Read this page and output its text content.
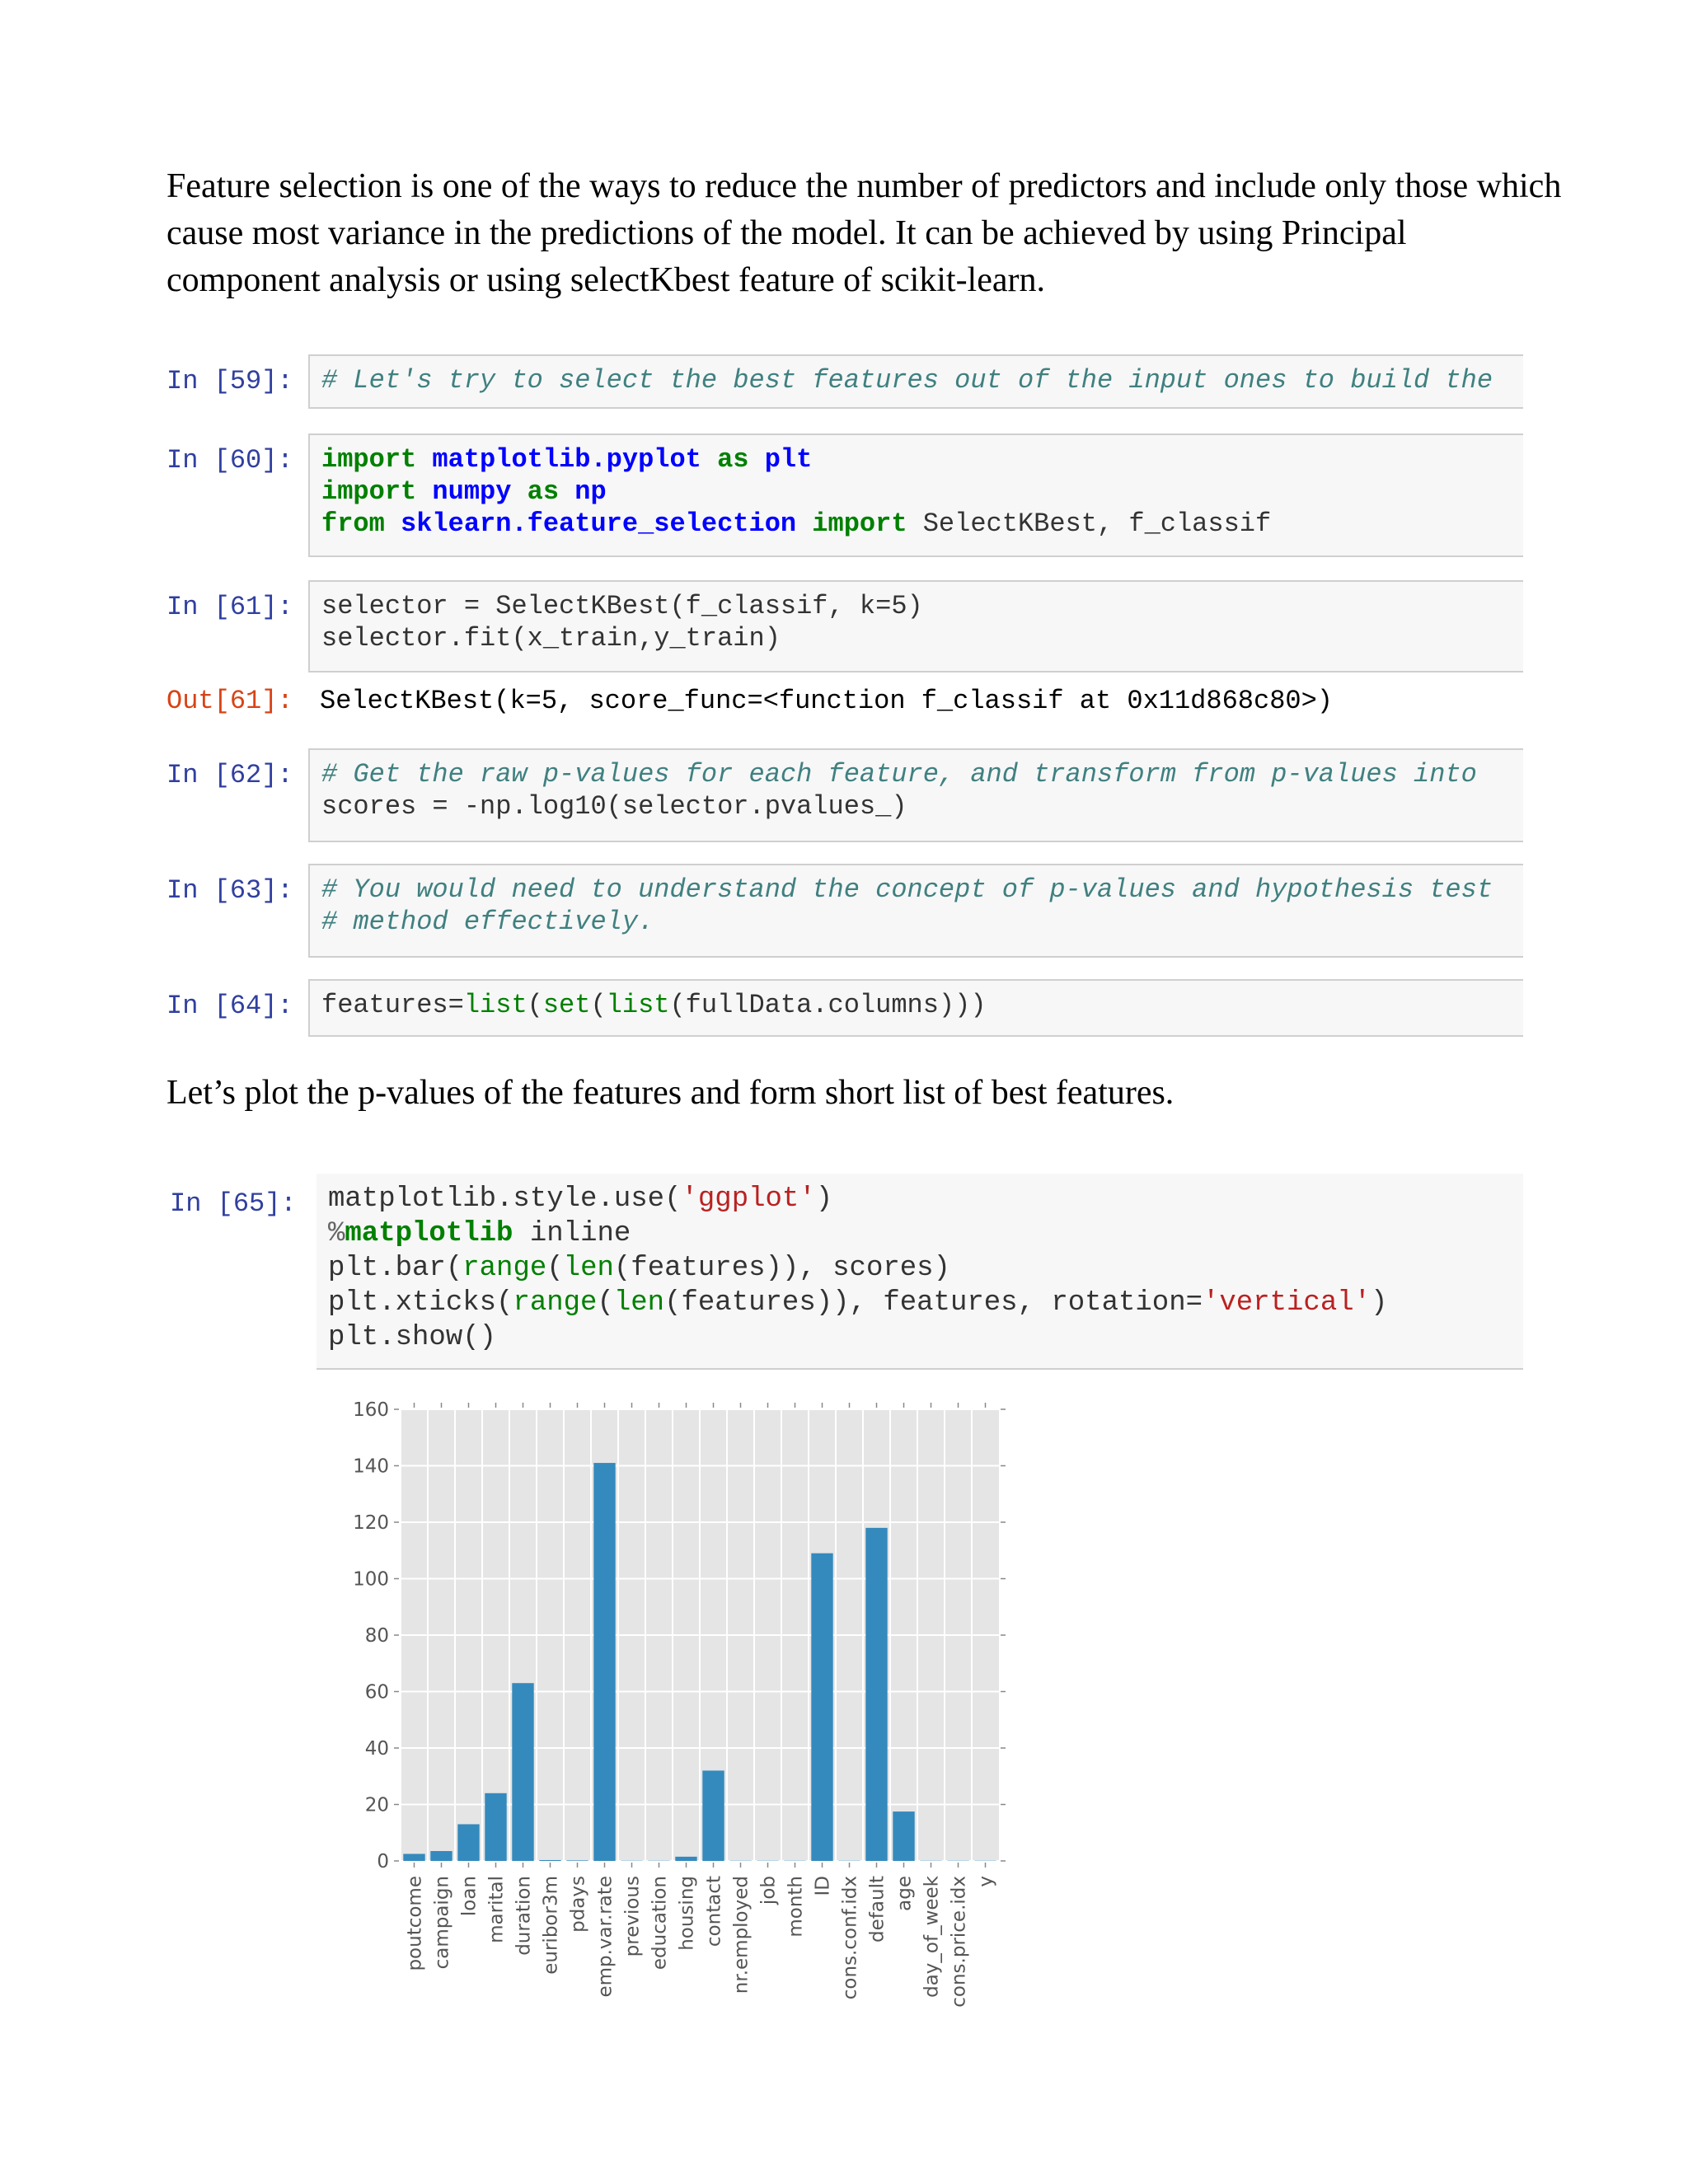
Feature selection is one of the ways to reduce the number of predictors and include only those which cause most variance in the predictions of the model. It can be achieved by using Principal component analysis or using selectKbest feature of scikit-learn.
In [59]:	# Let's try to select the best features out of the input ones to build the
In [60]:	import matplotlib.pyplot as plt
import numpy as np
from sklearn.feature_selection import SelectKBest, f_classif
In [61]:	selector = SelectKBest(f_classif, k=5)
selector.fit(x_train,y_train)
Out[61]:	SelectKBest(k=5, score_func=<function f_classif at 0x11d868c80>)
In [62]:	# Get the raw p-values for each feature, and transform from p-values into
scores = -np.log10(selector.pvalues_)
In [63]:	# You would need to understand the concept of p-values and hypothesis test
# method effectively.
In [64]:	features=list(set(list(fullData.columns)))
Let’s plot the p-values of the features and form short list of best features.
In [65]:	matplotlib.style.use('ggplot')
%matplotlib inline
plt.bar(range(len(features)), scores)
plt.xticks(range(len(features)), features, rotation='vertical')
plt.show()
0
20
40
60
80
100
120
140
160
poutcome campaign loan marital duration euribor3m pdays emp.var.rate previous education housing contact nr.employed job month ID cons.conf.idx default age day_of_week cons.price.idx y
